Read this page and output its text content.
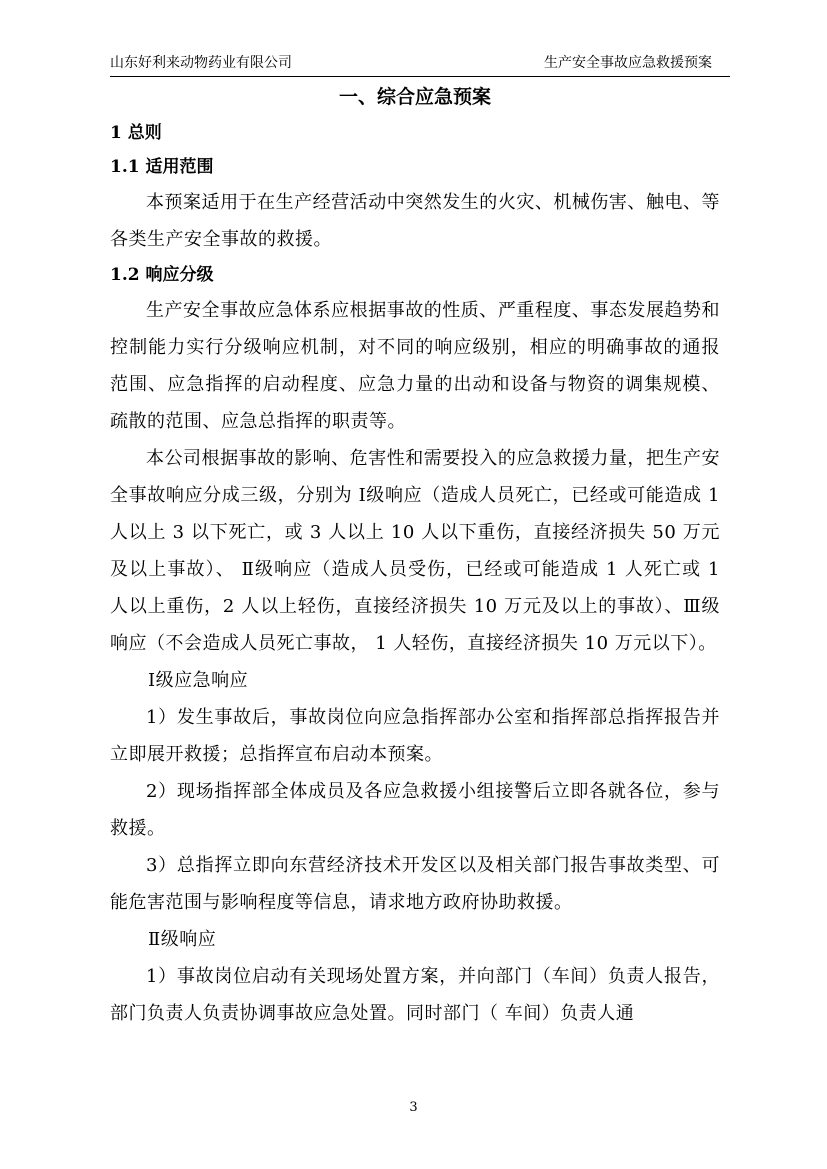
山东好利来动物药业有限公司	生产安全事故应急救援预案
一、综合应急预案
1 总则
1.1 适用范围

本预案适用于在生产经营活动中突然发生的火灾、机械伤害、触电、等各类生产安全事故的救援。

1.2 响应分级

生产安全事故应急体系应根据事故的性质、严重程度、事态发展趋势和控制能力实行分级响应机制，对不同的响应级别，相应的明确事故的通报范围、应急指挥的启动程度、应急力量的出动和设备与物资的调集规模、疏散的范围、应急总指挥的职责等。

本公司根据事故的影响、危害性和需要投入的应急救援力量，把生产安全事故响应分成三级，分别为 Ⅰ级响应（造成人员死亡，已经或可能造成 1 人以上 3 以下死亡，或 3 人以上 10 人以下重伤，直接经济损失 50 万元及以上事故）、 Ⅱ级响应（造成人员受伤，已经或可能造成 1 人死亡或 1 人以上重伤，2 人以上轻伤，直接经济损失 10 万元及以上的事故）、Ⅲ级响应（不会造成人员死亡事故， 1 人轻伤，直接经济损失 10 万元以下）。

Ⅰ级应急响应

1）发生事故后，事故岗位向应急指挥部办公室和指挥部总指挥报告并立即展开救援；总指挥宣布启动本预案。

2）现场指挥部全体成员及各应急救援小组接警后立即各就各位，参与救援。

3）总指挥立即向东营经济技术开发区以及相关部门报告事故类型、可能危害范围与影响程度等信息，请求地方政府协助救援。

Ⅱ级响应

1）事故岗位启动有关现场处置方案，并向部门（车间）负责人报告，部门负责人负责协调事故应急处置。同时部门（ 车间）负责人通

3
